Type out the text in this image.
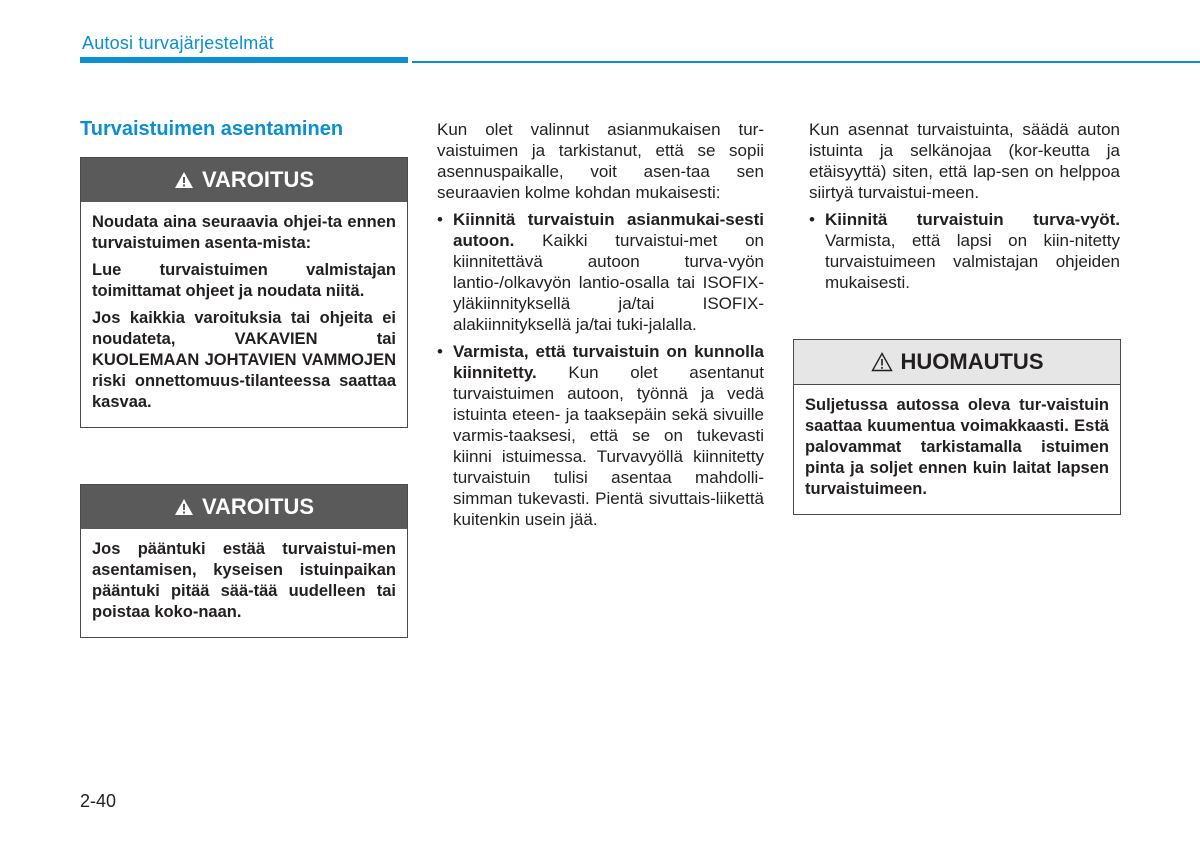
Autosi turvajärjestelmät
Turvaistuimen asentaminen
VAROITUS

Noudata aina seuraavia ohjei-ta ennen turvaistuimen asenta-mista:

Lue turvaistuimen valmistajan toimittamat ohjeet ja noudata niitä.

Jos kaikkia varoituksia tai ohjeita ei noudateta, VAKAVIEN tai KUOLEMAAN JOHTAVIEN VAMMOJEN riski onnettomuus-tilanteessa saattaa kasvaa.

VAROITUS

Jos pääntuki estää turvaistui-men asentamisen, kyseisen istuinpaikan pääntuki pitää sää-tää uudelleen tai poistaa koko-naan.

Kun olet valinnut asianmukaisen tur-vaistuimen ja tarkistanut, että se sopii asennuspaikalle, voit asen-taa sen seuraavien kolme kohdan mukaisesti:

• Kiinnitä turvaistuin asianmukai-sesti autoon. Kaikki turvaistui-met on kiinnitettävä autoon turva-vyön lantio-/olkavyön lantio-osalla tai ISOFIX-yläkiinnityksellä ja/tai ISOFIX-alakiinnityksellä ja/tai tuki-jalalla.
• Varmista, että turvaistuin on kunnolla kiinnitetty. Kun olet asentanut turvaistuimen autoon, työnnä ja vedä istuinta eteen- ja taaksepäin sekä sivuille varmis-taaksesi, että se on tukevasti kiinni istuimessa. Turvavyöllä kiinnitetty turvaistuin tulisi asentaa mahdolli-simman tukevasti. Pientä sivuttais-liikettä kuitenkin usein jää.

Kun asennat turvaistuinta, säädä auton istuinta ja selkänojaa (kor-keutta ja etäisyyttä) siten, että lap-sen on helppoa siirtyä turvaistui-meen.

• Kiinnitä turvaistuin turva-vyöt. Varmista, että lapsi on kiin-nitetty turvaistuimeen valmistajan ohjeiden mukaisesti.
HUOMAUTUS

Suljetussa autossa oleva tur-vaistuin saattaa kuumentua voimakkaasti. Estä palovammat tarkistamalla istuimen pinta ja soljet ennen kuin laitat lapsen turvaistuimeen.

2-40
